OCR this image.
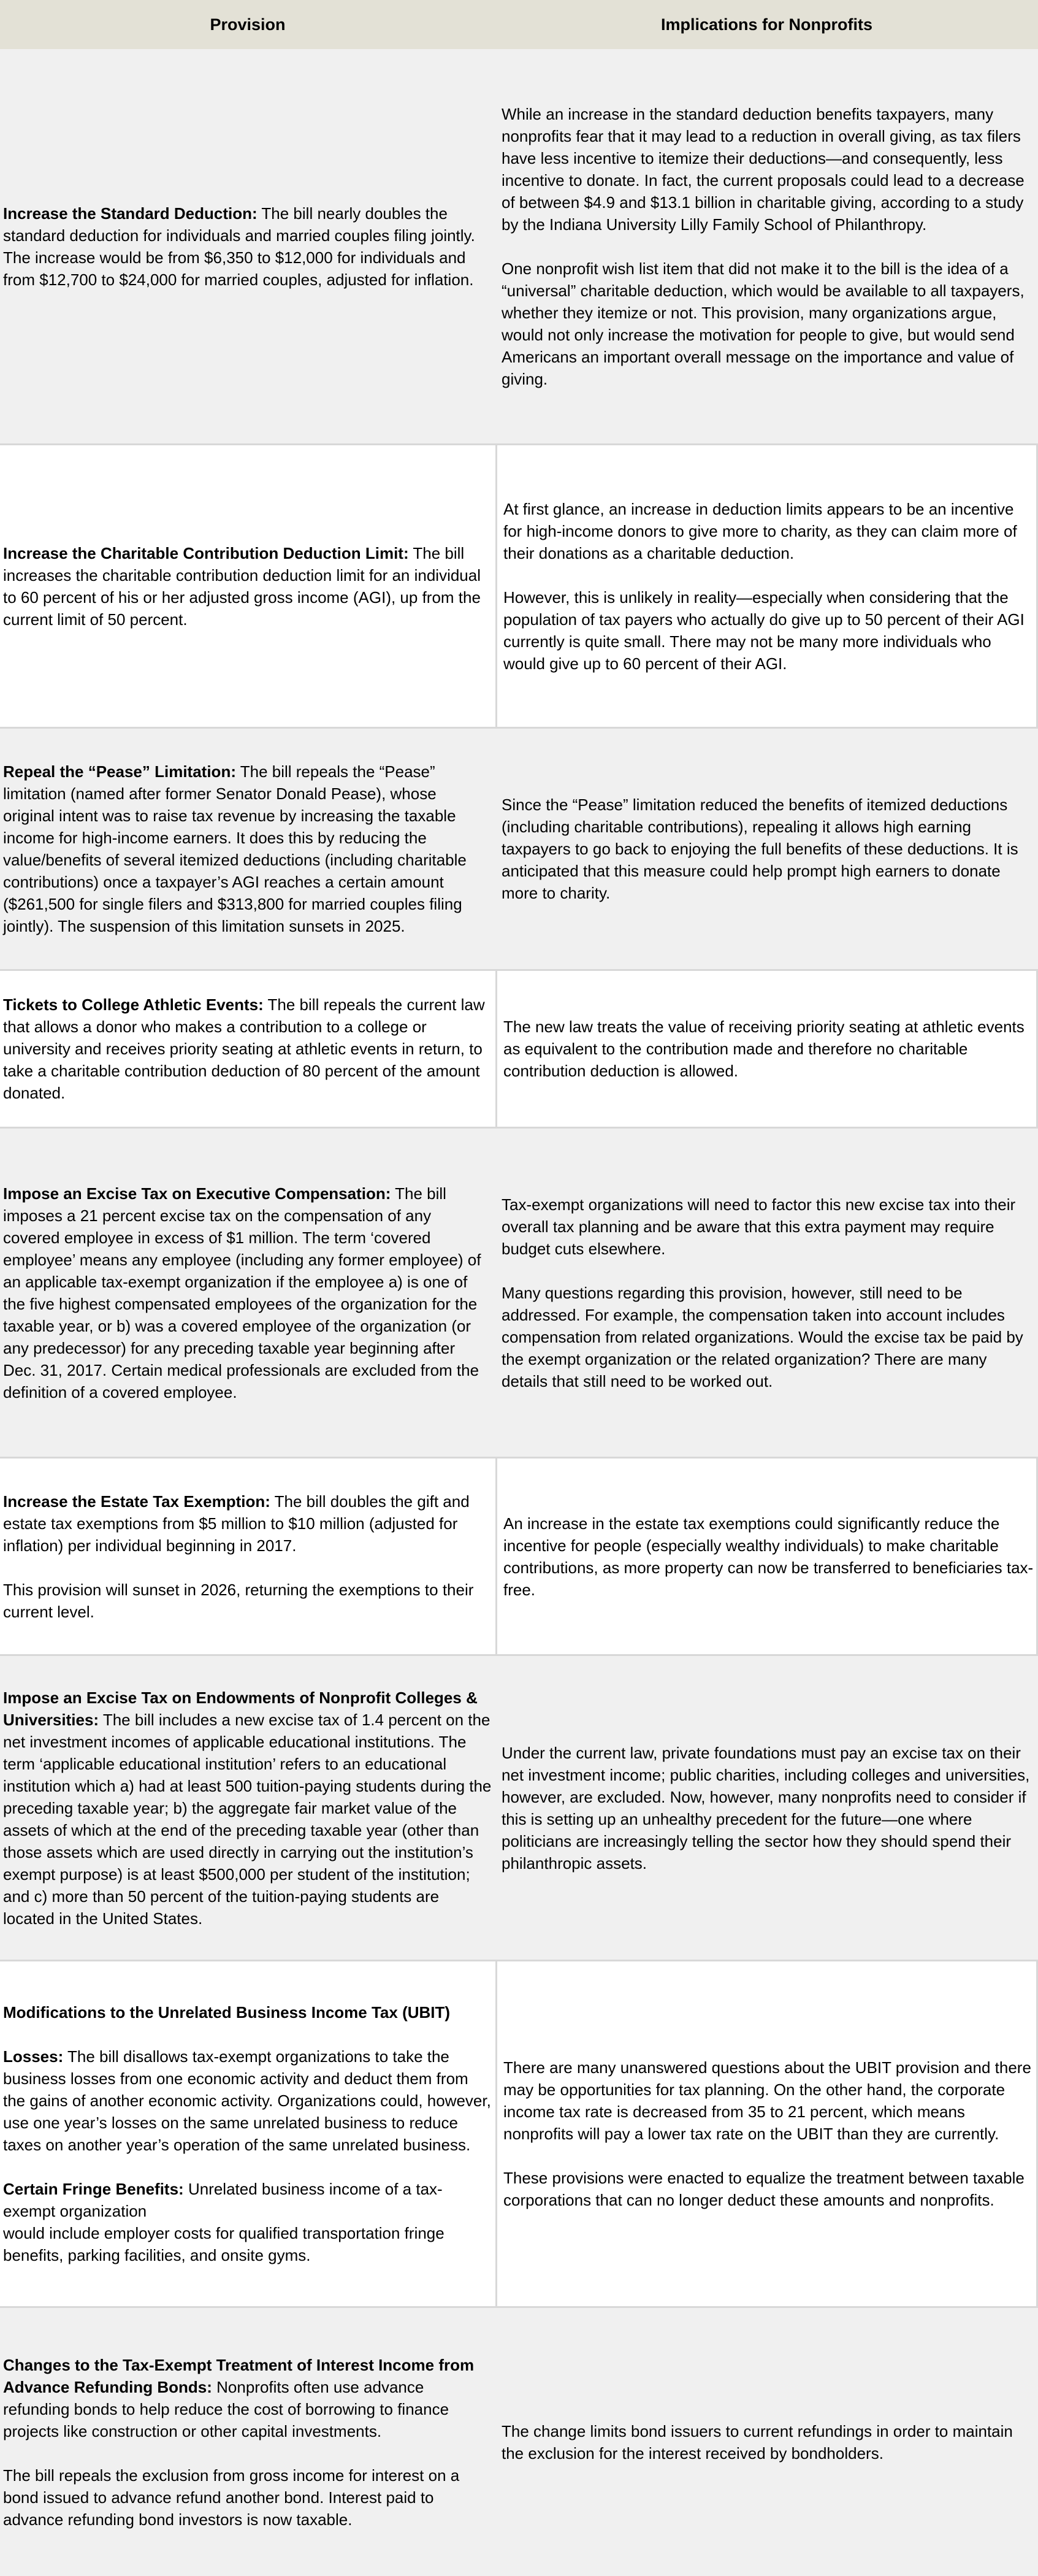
Provision	Implications for Nonprofits

Increase the Standard Deduction: The bill nearly doubles the standard deduction for individuals and married couples filing jointly. The increase would be from $6,350 to $12,000 for individuals and from $12,700 to $24,000 for married couples, adjusted for inflation.

While an increase in the standard deduction benefits taxpayers, many nonprofits fear that it may lead to a reduction in overall giving, as tax filers have less incentive to itemize their deductions—and consequently, less incentive to donate. In fact, the current proposals could lead to a decrease of between $4.9 and $13.1 billion in charitable giving, according to a study by the Indiana University Lilly Family School of Philanthropy.

One nonprofit wish list item that did not make it to the bill is the idea of a “universal” charitable deduction, which would be available to all taxpayers, whether they itemize or not. This provision, many organizations argue, would not only increase the motivation for people to give, but would send Americans an important overall message on the importance and value of giving.

Increase the Charitable Contribution Deduction Limit: The bill increases the charitable contribution deduction limit for an individual to 60 percent of his or her adjusted gross income (AGI), up from the current limit of 50 percent.

At first glance, an increase in deduction limits appears to be an incentive for high-income donors to give more to charity, as they can claim more of their donations as a charitable deduction.

However, this is unlikely in reality—especially when considering that the population of tax payers who actually do give up to 50 percent of their AGI currently is quite small. There may not be many more individuals who would give up to 60 percent of their AGI.

Repeal the “Pease” Limitation: The bill repeals the “Pease” limitation (named after former Senator Donald Pease), whose original intent was to raise tax revenue by increasing the taxable income for high-income earners. It does this by reducing the value/benefits of several itemized deductions (including charitable contributions) once a taxpayer’s AGI reaches a certain amount ($261,500 for single filers and $313,800 for married couples filing jointly). The suspension of this limitation sunsets in 2025.

Since the “Pease” limitation reduced the benefits of itemized deductions (including charitable contributions), repealing it allows high earning taxpayers to go back to enjoying the full benefits of these deductions. It is anticipated that this measure could help prompt high earners to donate more to charity.

Tickets to College Athletic Events: The bill repeals the current law that allows a donor who makes a contribution to a college or university and receives priority seating at athletic events in return, to take a charitable contribution deduction of 80 percent of the amount donated.

The new law treats the value of receiving priority seating at athletic events as equivalent to the contribution made and therefore no charitable contribution deduction is allowed.

Impose an Excise Tax on Executive Compensation: The bill imposes a 21 percent excise tax on the compensation of any covered employee in excess of $1 million. The term ‘covered employee’ means any employee (including any former employee) of an applicable tax-exempt organization if the employee a) is one of the five highest compensated employees of the organization for the taxable year, or b) was a covered employee of the organization (or any predecessor) for any preceding taxable year beginning after Dec. 31, 2017. Certain medical professionals are excluded from the definition of a covered employee.

Tax-exempt organizations will need to factor this new excise tax into their overall tax planning and be aware that this extra payment may require budget cuts elsewhere.

Many questions regarding this provision, however, still need to be addressed. For example, the compensation taken into account includes compensation from related organizations. Would the excise tax be paid by the exempt organization or the related organization? There are many details that still need to be worked out.

Increase the Estate Tax Exemption: The bill doubles the gift and estate tax exemptions from $5 million to $10 million (adjusted for inflation) per individual beginning in 2017.

This provision will sunset in 2026, returning the exemptions to their current level.

An increase in the estate tax exemptions could significantly reduce the incentive for people (especially wealthy individuals) to make charitable contributions, as more property can now be transferred to beneficiaries tax-free.

Impose an Excise Tax on Endowments of Nonprofit Colleges & Universities: The bill includes a new excise tax of 1.4 percent on the net investment incomes of applicable educational institutions. The term ‘applicable educational institution’ refers to an educational institution which a) had at least 500 tuition-paying students during the preceding taxable year; b) the aggregate fair market value of the assets of which at the end of the preceding taxable year (other than those assets which are used directly in carrying out the institution’s exempt purpose) is at least $500,000 per student of the institution; and c) more than 50 percent of the tuition-paying students are located in the United States.

Under the current law, private foundations must pay an excise tax on their net investment income; public charities, including colleges and universities, however, are excluded. Now, however, many nonprofits need to consider if this is setting up an unhealthy precedent for the future—one where politicians are increasingly telling the sector how they should spend their philanthropic assets.

Modifications to the Unrelated Business Income Tax (UBIT)

Losses: The bill disallows tax-exempt organizations to take the business losses from one economic activity and deduct them from the gains of another economic activity. Organizations could, however, use one year’s losses on the same unrelated business to reduce taxes on another year’s operation of the same unrelated business.

Certain Fringe Benefits: Unrelated business income of a tax-exempt organization

would include employer costs for qualified transportation fringe benefits, parking facilities, and onsite gyms.

There are many unanswered questions about the UBIT provision and there may be opportunities for tax planning. On the other hand, the corporate income tax rate is decreased from 35 to 21 percent, which means nonprofits will pay a lower tax rate on the UBIT than they are currently.

These provisions were enacted to equalize the treatment between taxable corporations that can no longer deduct these amounts and nonprofits.

Changes to the Tax-Exempt Treatment of Interest Income from Advance Refunding Bonds: Nonprofits often use advance refunding bonds to help reduce the cost of borrowing to finance projects like construction or other capital investments.

The bill repeals the exclusion from gross income for interest on a bond issued to advance refund another bond. Interest paid to advance refunding bond investors is now taxable.

The change limits bond issuers to current refundings in order to maintain the exclusion for the interest received by bondholders.
